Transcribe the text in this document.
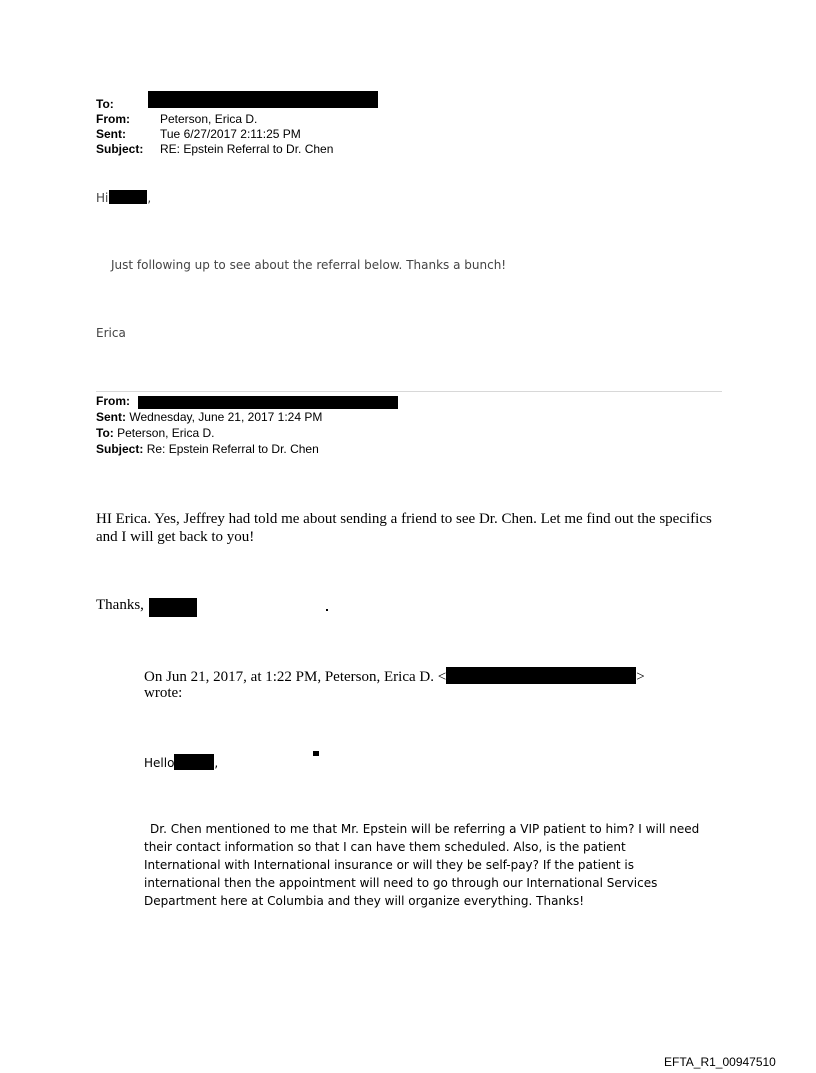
To:
From:	Peterson, Erica D.
Sent:	Tue 6/27/2017 2:11:25 PM
Subject: RE: Epstein Referral to Dr. Chen
Hi	,
Just following up to see about the referral below. Thanks a bunch!
Erica
From:
Sent: Wednesday, June 21, 2017 1:24 PM
To: Peterson, Erica D.
Subject: Re: Epstein Referral to Dr. Chen
HI Erica. Yes, Jeffrey had told me about sending a friend to see Dr. Chen. Let me find out the specifics and I will get back to you!
Thanks,
On Jun 21, 2017, at 1:22 PM, Peterson, Erica D. <	>
wrote:
Hello	,
Dr. Chen mentioned to me that Mr. Epstein will be referring a VIP patient to him? I will need their contact information so that I can have them scheduled. Also, is the patient International with International insurance or will they be self-pay? If the patient is international then the appointment will need to go through our International Services Department here at Columbia and they will organize everything. Thanks!
EFTA_R1_00947510
